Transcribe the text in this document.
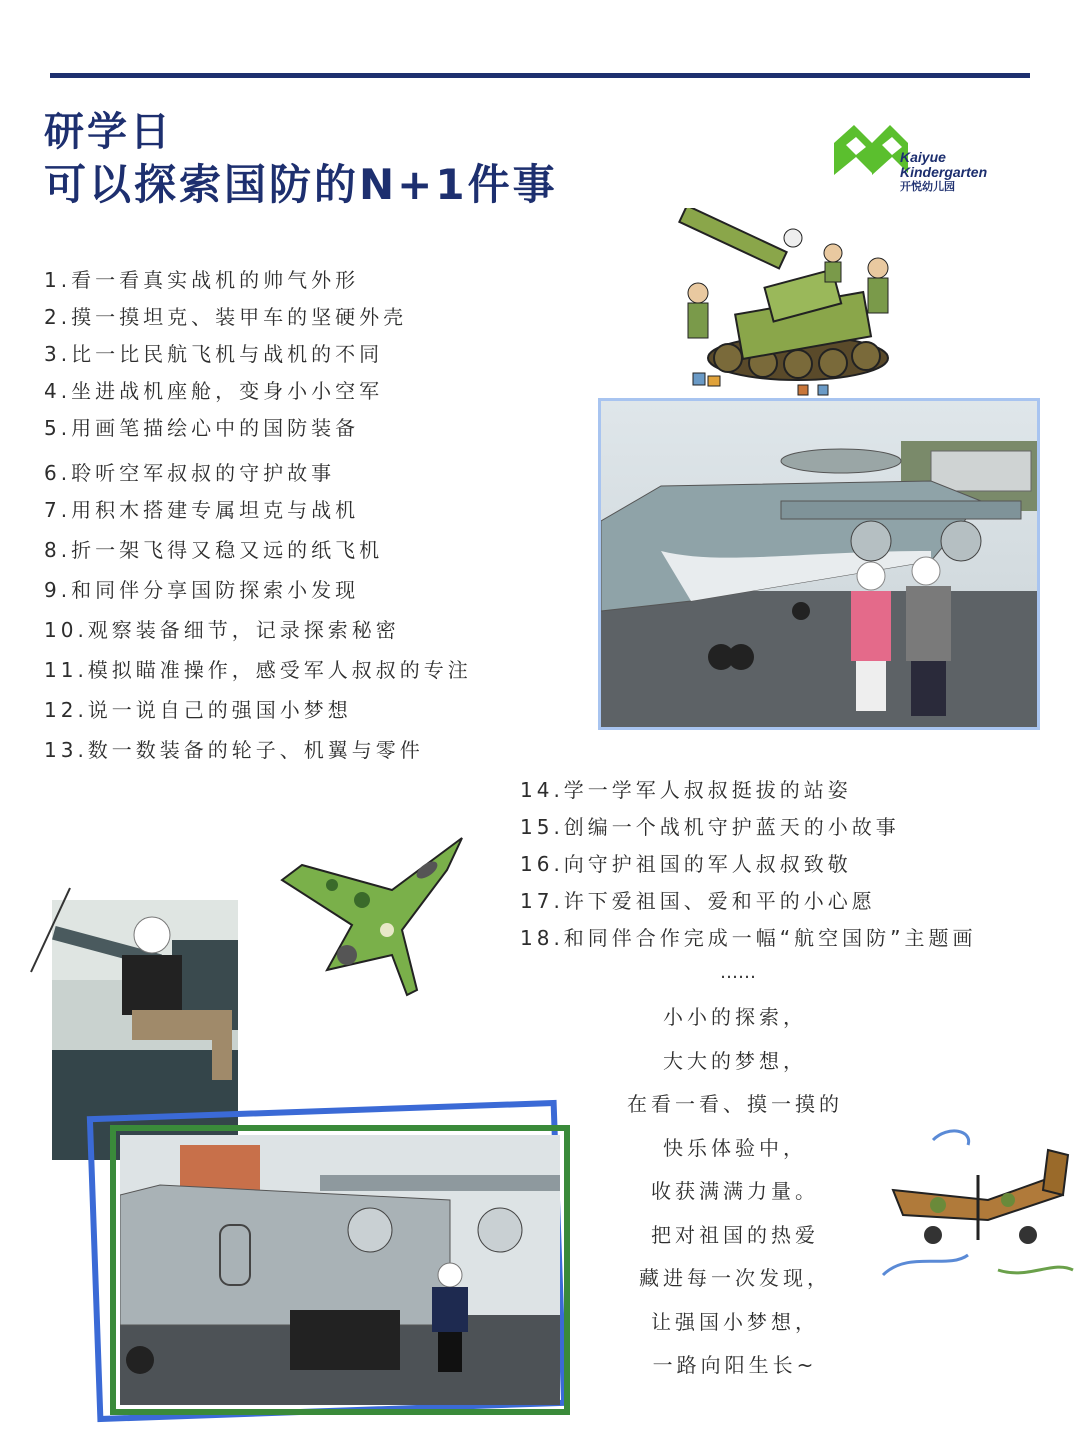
研学日
可以探索国防的N+1件事
Kaiyue
Kindergarten
开悦幼儿园
1.看一看真实战机的帅气外形
2.摸一摸坦克、装甲车的坚硬外壳
3.比一比民航飞机与战机的不同
4.坐进战机座舱，变身小小空军
5.用画笔描绘心中的国防装备
6.聆听空军叔叔的守护故事
7.用积木搭建专属坦克与战机
8.折一架飞得又稳又远的纸飞机
9.和同伴分享国防探索小发现
10.观察装备细节，记录探索秘密
11.模拟瞄准操作，感受军人叔叔的专注
12.说一说自己的强国小梦想
13.数一数装备的轮子、机翼与零件
14.学一学军人叔叔挺拔的站姿
15.创编一个战机守护蓝天的小故事
16.向守护祖国的军人叔叔致敬
17.许下爱祖国、爱和平的小心愿
18.和同伴合作完成一幅“航空国防”主题画
……
小小的探索，
大大的梦想，
在看一看、摸一摸的
快乐体验中，
收获满满力量。
把对祖国的热爱
藏进每一次发现，
让强国小梦想，
一路向阳生长~
